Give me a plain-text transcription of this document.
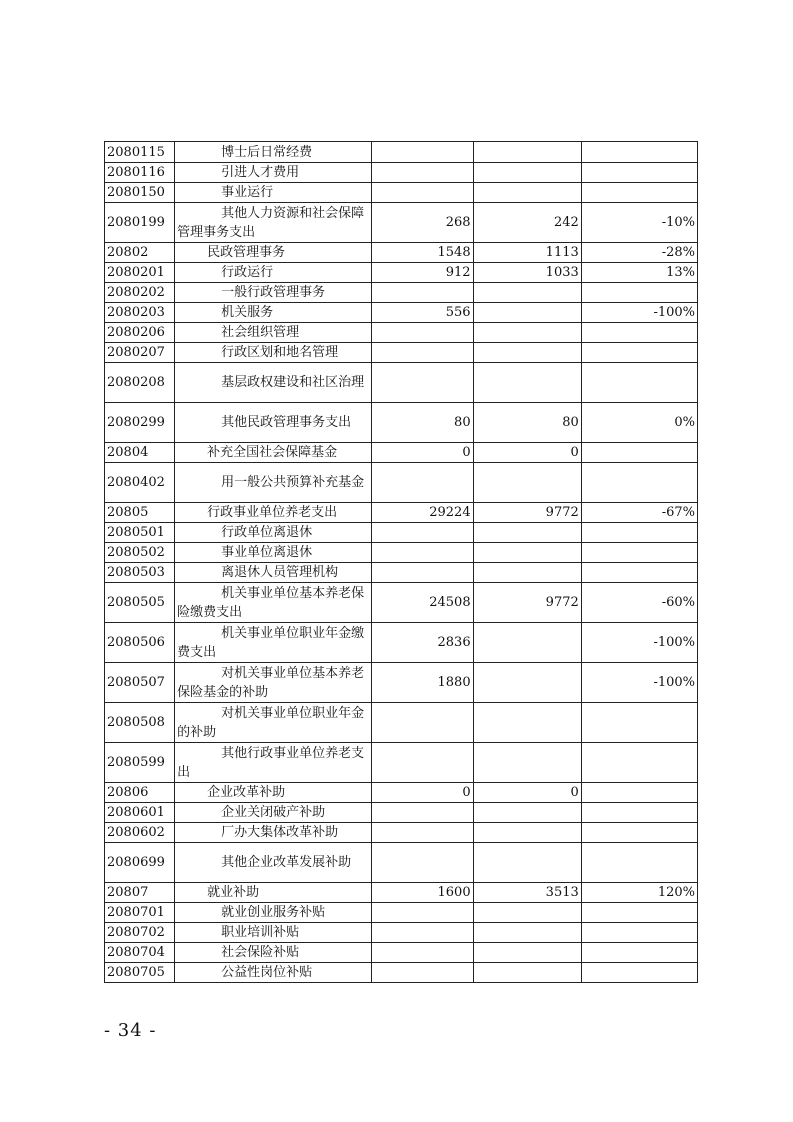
2080115	博士后日常经费			
2080116	引进人才费用			
2080150	事业运行			
2080199	其他人力资源和社会保障管理事务支出	268	242	-10%
20802	民政管理事务	1548	1113	-28%
2080201	行政运行	912	1033	13%
2080202	一般行政管理事务			
2080203	机关服务	556		-100%
2080206	社会组织管理			
2080207	行政区划和地名管理			
2080208	基层政权建设和社区治理			
2080299	其他民政管理事务支出	80	80	0%
20804	补充全国社会保障基金	0	0	
2080402	用一般公共预算补充基金			
20805	行政事业单位养老支出	29224	9772	-67%
2080501	行政单位离退休			
2080502	事业单位离退休			
2080503	离退休人员管理机构			
2080505	机关事业单位基本养老保险缴费支出	24508	9772	-60%
2080506	机关事业单位职业年金缴费支出	2836		-100%
2080507	对机关事业单位基本养老保险基金的补助	1880		-100%
2080508	对机关事业单位职业年金的补助			
2080599	其他行政事业单位养老支出			
20806	企业改革补助	0	0	
2080601	企业关闭破产补助			
2080602	厂办大集体改革补助			
2080699	其他企业改革发展补助			
20807	就业补助	1600	3513	120%
2080701	就业创业服务补贴			
2080702	职业培训补贴			
2080704	社会保险补贴			
2080705	公益性岗位补贴			
- 34 -
